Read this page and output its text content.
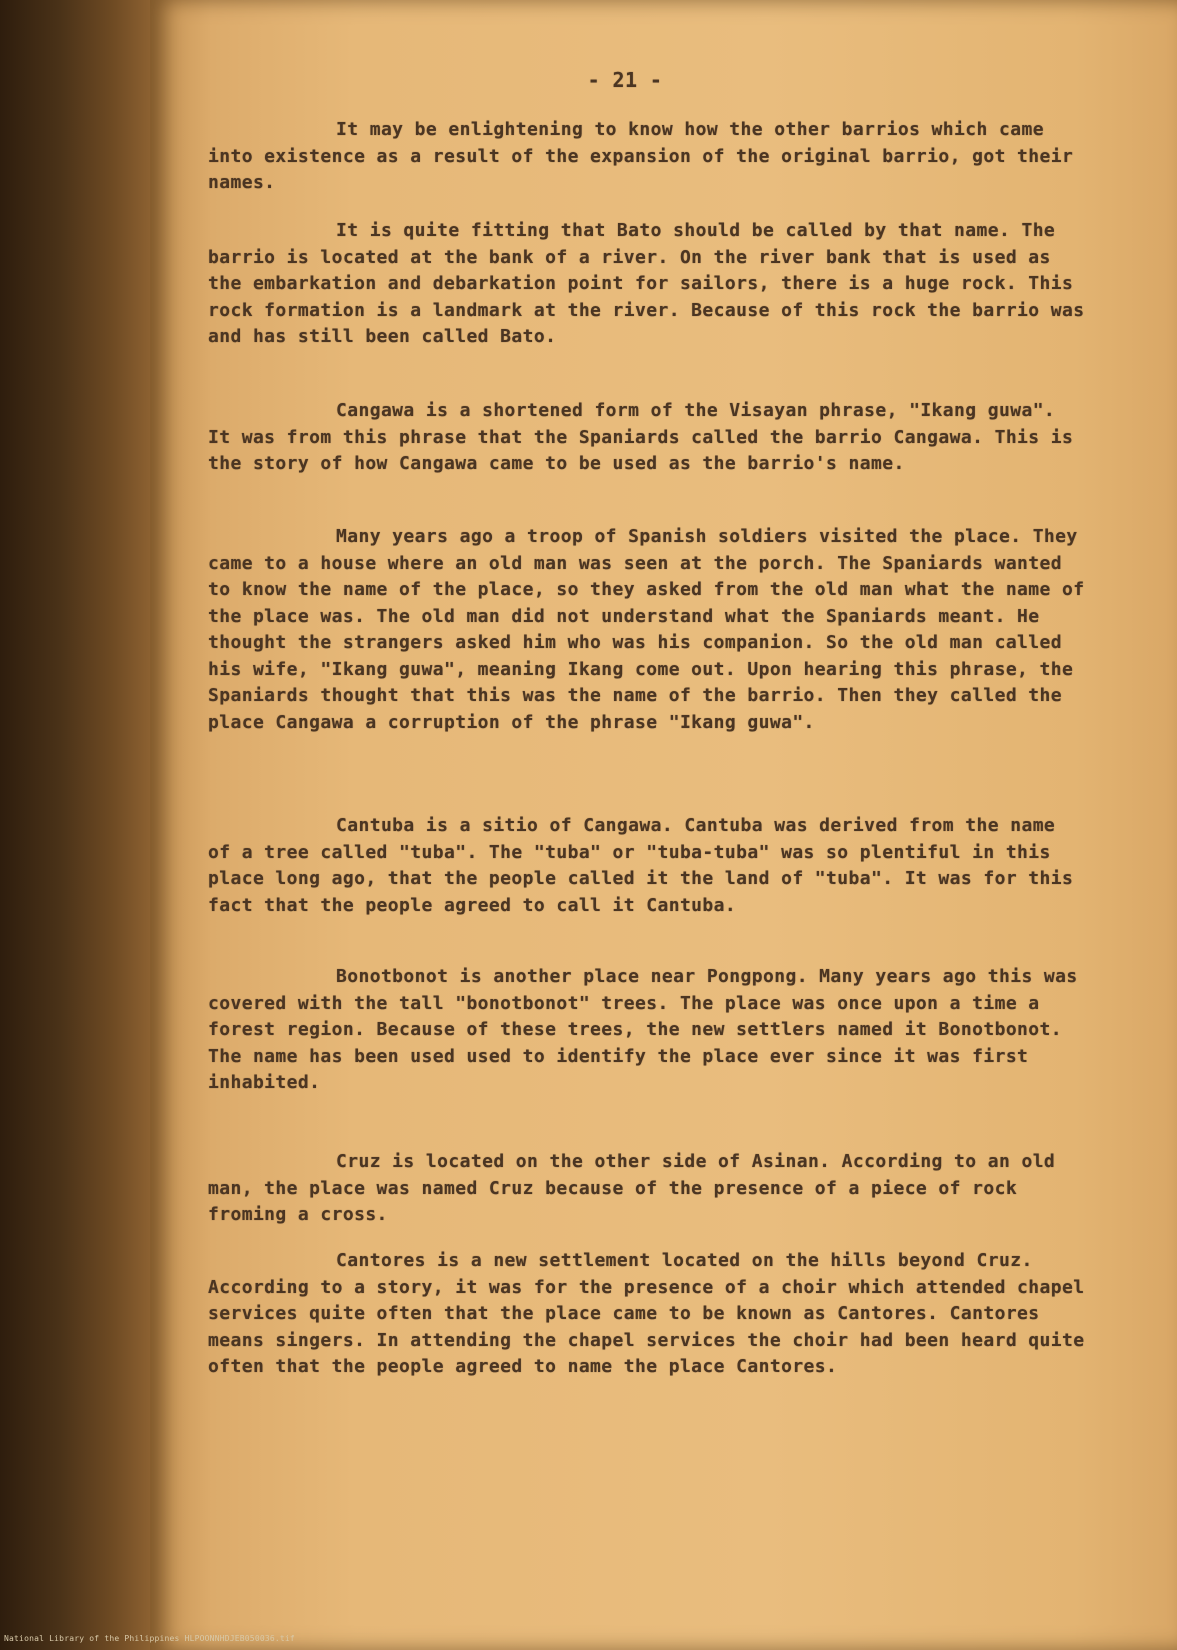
- 21 -

It may be enlightening to know how the other barrios which came into existence as a result of the expansion of the original barrio, got their names.

It is quite fitting that Bato should be called by that name. The barrio is located at the bank of a river. On the river bank that is used as the embarkation and debarkation point for sailors, there is a huge rock. This rock formation is a landmark at the river. Because of this rock the barrio was and has still been called Bato.

Cangawa is a shortened form of the Visayan phrase, "Ikang guwa". It was from this phrase that the Spaniards called the barrio Cangawa. This is the story of how Cangawa came to be used as the barrio's name.

Many years ago a troop of Spanish soldiers visited the place. They came to a house where an old man was seen at the porch. The Spaniards wanted to know the name of the place, so they asked from the old man what the name of the place was. The old man did not understand what the Spaniards meant. He thought the strangers asked him who was his companion. So the old man called his wife, "Ikang guwa", meaning Ikang come out. Upon hearing this phrase, the Spaniards thought that this was the name of the barrio. Then they called the place Cangawa a corruption of the phrase "Ikang guwa".

Cantuba is a sitio of Cangawa. Cantuba was derived from the name of a tree called "tuba". The "tuba" or "tuba-tuba" was so plentiful in this place long ago, that the people called it the land of "tuba". It was for this fact that the people agreed to call it Cantuba.

Bonotbonot is another place near Pongpong. Many years ago this was covered with the tall "bonotbonot" trees. The place was once upon a time a forest region. Because of these trees, the new settlers named it Bonotbonot. The name has been used used to identify the place ever since it was first inhabited.

Cruz is located on the other side of Asinan. According to an old man, the place was named Cruz because of the presence of a piece of rock froming a cross.

Cantores is a new settlement located on the hills beyond Cruz. According to a story, it was for the presence of a choir which attended chapel services quite often that the place came to be known as Cantores. Cantores means singers. In attending the chapel services the choir had been heard quite often that the people agreed to name the place Cantores.

National Library of the Philippines HLPOONNHDJEB050036.tif
